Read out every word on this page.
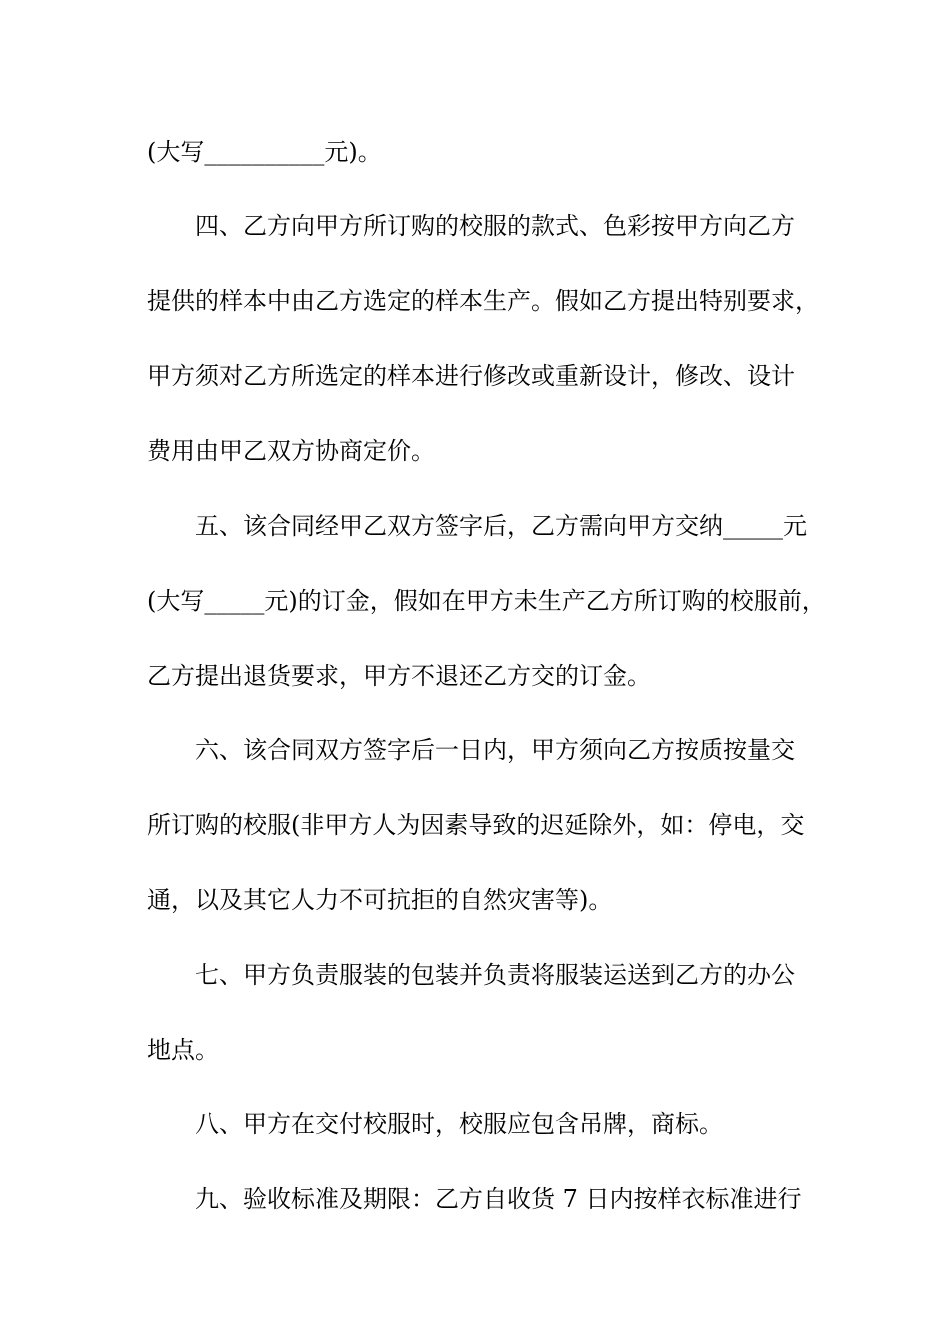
(大写__________元)。
四、乙方向甲方所订购的校服的款式、色彩按甲方向乙方
提供的样本中由乙方选定的样本生产。假如乙方提出特别要求，
甲方须对乙方所选定的样本进行修改或重新设计，修改、设计
费用由甲乙双方协商定价。
五、该合同经甲乙双方签字后，乙方需向甲方交纳_____元
(大写_____元)的订金，假如在甲方未生产乙方所订购的校服前，
乙方提出退货要求，甲方不退还乙方交的订金。
六、该合同双方签字后一日内，甲方须向乙方按质按量交
所订购的校服(非甲方人为因素导致的迟延除外，如：停电，交
通，以及其它人力不可抗拒的自然灾害等)。
七、甲方负责服装的包装并负责将服装运送到乙方的办公
地点。
八、甲方在交付校服时，校服应包含吊牌，商标。
九、验收标准及期限：乙方自收货 7 日内按样衣标准进行
